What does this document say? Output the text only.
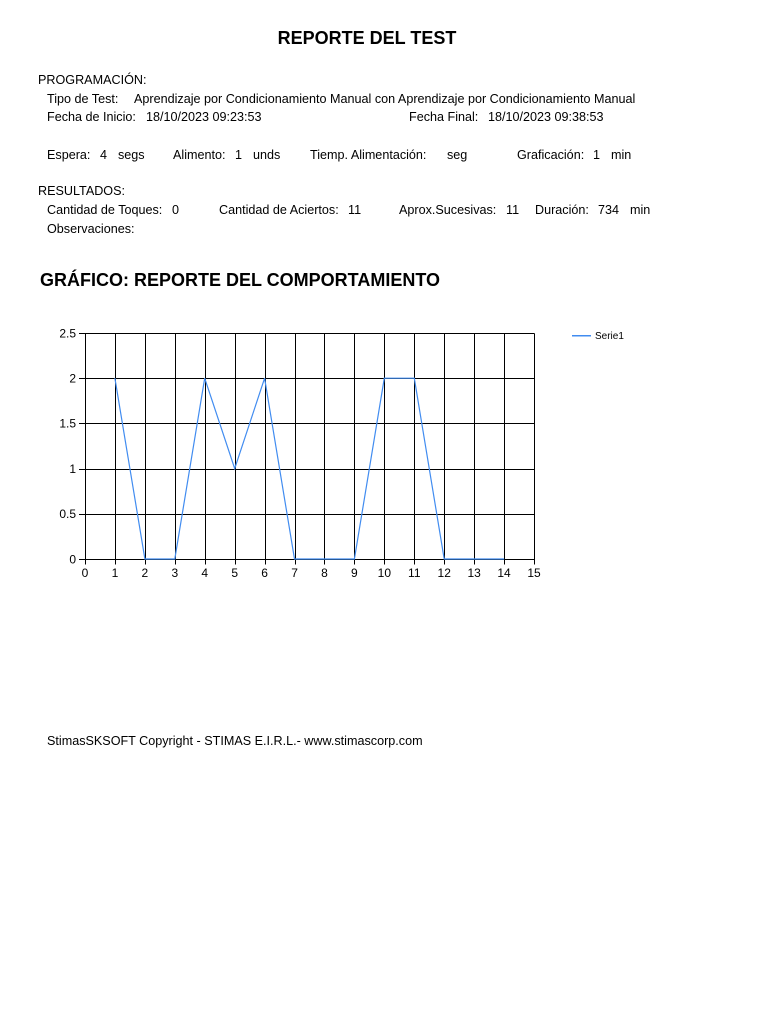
REPORTE DEL TEST
PROGRAMACIÓN:
Tipo de Test: Aprendizaje por Condicionamiento Manual con Aprendizaje por Condicionamiento Manual
Fecha de Inicio: 18/10/2023 09:23:53	Fecha Final: 18/10/2023 09:38:53
Espera: 4 segs Alimento: 1 unds Tiemp. Alimentación: seg	Graficación: 1 min
RESULTADOS:
Cantidad de Toques: 0	Cantidad de Aciertos: 11	Aprox.Sucesivas: 11 Duración: 734 min
Observaciones:
GRÁFICO: REPORTE DEL COMPORTAMIENTO
0
0.5
1
1.5
2
2.5
0 1 2 3 4 5 6 7 8 9 10 11 12 13 14 15
Serie1
StimasSKSOFT Copyright - STIMAS E.I.R.L.- www.stimascorp.com
